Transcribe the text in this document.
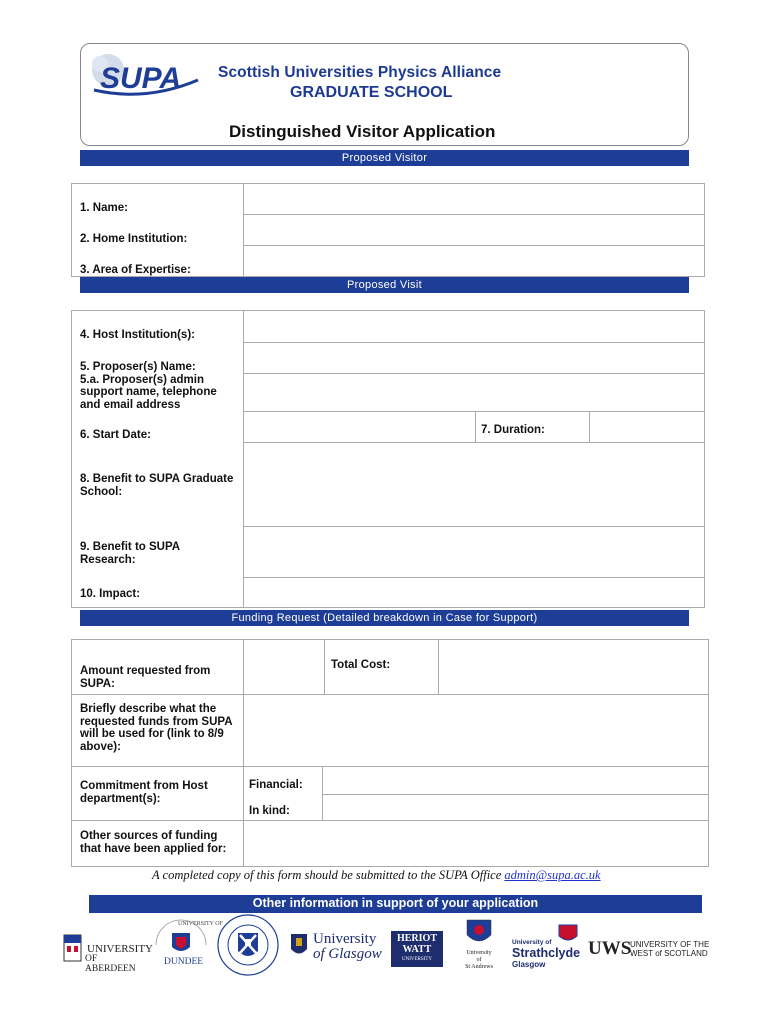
SUPA Scottish Universities Physics Alliance
GRADUATE SCHOOL
Distinguished Visitor Application
Proposed Visitor
1. Name:
2. Home Institution:
3. Area of Expertise:
Proposed Visit
4. Host Institution(s):
5. Proposer(s) Name:
5.a. Proposer(s) admin
support name, telephone
and email address
6. Start Date:	7. Duration:
8. Benefit to SUPA Graduate
School:
9. Benefit to SUPA
Research:
10. Impact:
Funding Request (Detailed breakdown in Case for Support)
Amount requested from
SUPA:
Total Cost:
Briefly describe what the
requested funds from SUPA
will be used for (link to 8/9
above):
Commitment from Host
department(s):
Financial:
In kind:
Other sources of funding
that have been applied for:
A completed copy of this form should be submitted to the SUPA Office admin@supa.ac.uk
Other information in support of your application
UNIVERSITY
OF ABERDEEN
UNIVERSITY OF
DUNDEE
University
of Glasgow
HERIOT
WATT
UNIVERSITY
University
of
St Andrews
University of
Strathclyde
Glasgow
UWS
UNIVERSITY OF THE
WEST of SCOTLAND
